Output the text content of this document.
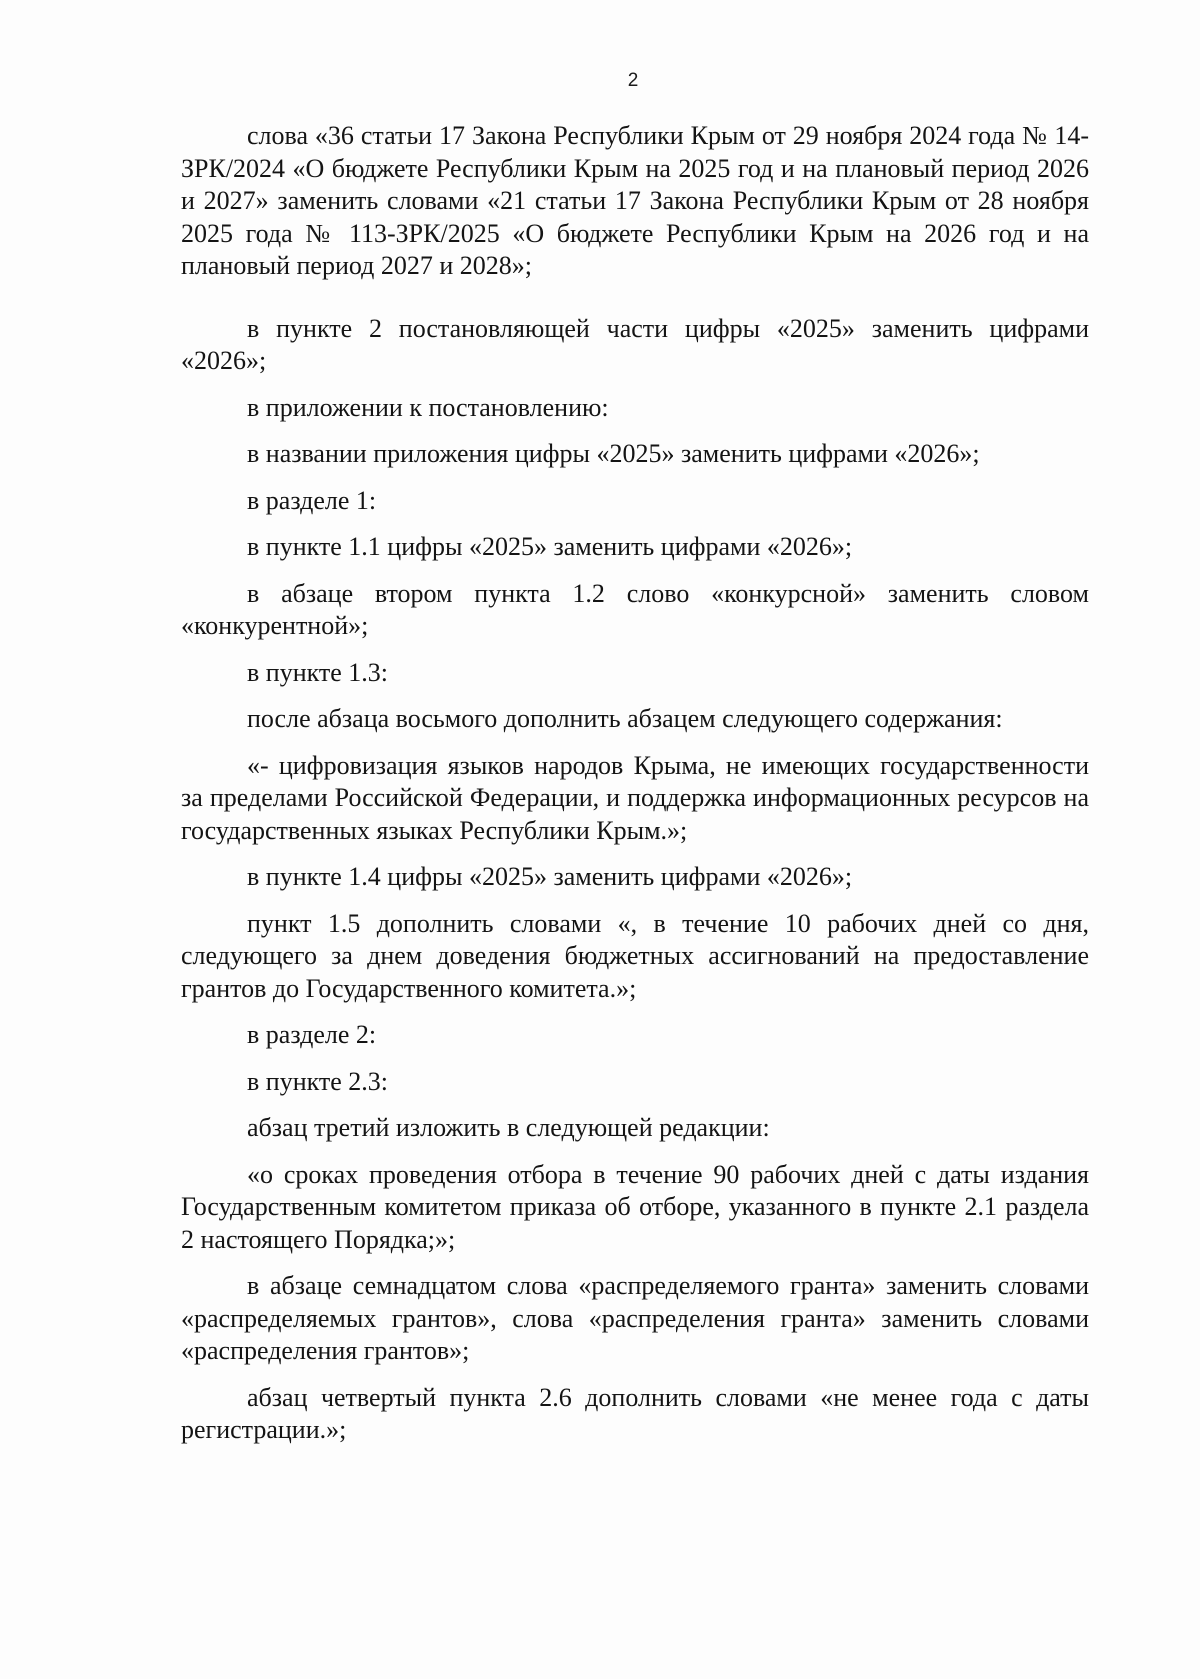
2

слова «36 статьи 17 Закона Республики Крым от 29 ноября 2024 года № 14-ЗРК/2024 «О бюджете Республики Крым на 2025 год и на плановый период 2026 и 2027» заменить словами «21 статьи 17 Закона Республики Крым от 28 ноября 2025 года № 113-ЗРК/2025 «О бюджете Республики Крым на 2026 год и на плановый период 2027 и 2028»;

в пункте 2 постановляющей части цифры «2025» заменить цифрами «2026»;

в приложении к постановлению:

в названии приложения цифры «2025» заменить цифрами «2026»;

в разделе 1:

в пункте 1.1 цифры «2025» заменить цифрами «2026»;

в абзаце втором пункта 1.2 слово «конкурсной» заменить словом «конкурентной»;

в пункте 1.3:

после абзаца восьмого дополнить абзацем следующего содержания:

«- цифровизация языков народов Крыма, не имеющих государственности за пределами Российской Федерации, и поддержка информационных ресурсов на государственных языках Республики Крым.»;

в пункте 1.4 цифры «2025» заменить цифрами «2026»;

пункт 1.5 дополнить словами «, в течение 10 рабочих дней со дня, следующего за днем доведения бюджетных ассигнований на предоставление грантов до Государственного комитета.»;

в разделе 2:

в пункте 2.3:

абзац третий изложить в следующей редакции:

«о сроках проведения отбора в течение 90 рабочих дней с даты издания Государственным комитетом приказа об отборе, указанного в пункте 2.1 раздела 2 настоящего Порядка;»;

в абзаце семнадцатом слова «распределяемого гранта» заменить словами «распределяемых грантов», слова «распределения гранта» заменить словами «распределения грантов»;

абзац четвертый пункта 2.6 дополнить словами «не менее года с даты регистрации.»;
